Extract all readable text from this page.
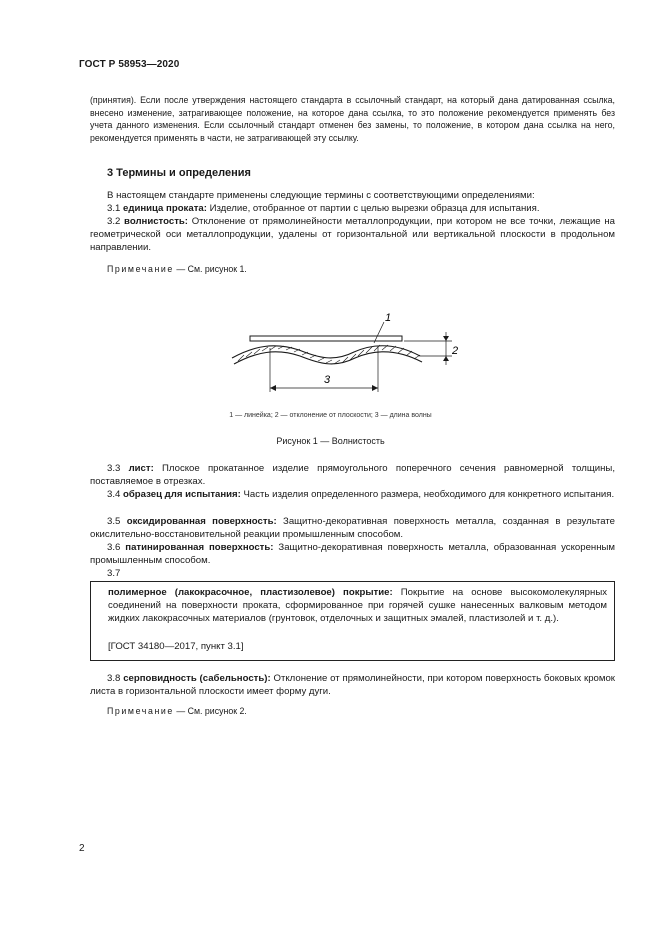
ГОСТ Р 58953—2020
(принятия). Если после утверждения настоящего стандарта в ссылочный стандарт, на который дана датированная ссылка, внесено изменение, затрагивающее положение, на которое дана ссылка, то это положение рекомендуется применять без учета данного изменения. Если ссылочный стандарт отменен без замены, то положение, в котором дана ссылка на него, рекомендуется применять в части, не затрагивающей эту ссылку.
3 Термины и определения
В настоящем стандарте применены следующие термины с соответствующими определениями:
3.1 единица проката: Изделие, отобранное от партии с целью вырезки образца для испытания.
3.2 волнистость: Отклонение от прямолинейности металлопродукции, при котором не все точки, лежащие на геометрической оси металлопродукции, удалены от горизонтальной или вертикальной плоскости в продольном направлении.
Примечание — См. рисунок 1.
1
2
3
1 — линейка; 2 — отклонение от плоскости; 3 — длина волны
Рисунок 1 — Волнистость
3.3 лист: Плоское прокатанное изделие прямоугольного поперечного сечения равномерной толщины, поставляемое в отрезках.
3.4 образец для испытания: Часть изделия определенного размера, необходимого для конкретного испытания.
3.5 оксидированная поверхность: Защитно-декоративная поверхность металла, созданная в результате окислительно-восстановительной реакции промышленным способом.
3.6 патинированная поверхность: Защитно-декоративная поверхность металла, образованная ускоренным промышленным способом.
3.7
полимерное (лакокрасочное, пластизолевое) покрытие: Покрытие на основе высокомолекулярных соединений на поверхности проката, сформированное при горячей сушке нанесенных валковым методом жидких лакокрасочных материалов (грунтовок, отделочных и защитных эмалей, пластизолей и т. д.).
[ГОСТ 34180—2017, пункт 3.1]
3.8 серповидность (сабельность): Отклонение от прямолинейности, при котором поверхность боковых кромок листа в горизонтальной плоскости имеет форму дуги.
Примечание — См. рисунок 2.
2
